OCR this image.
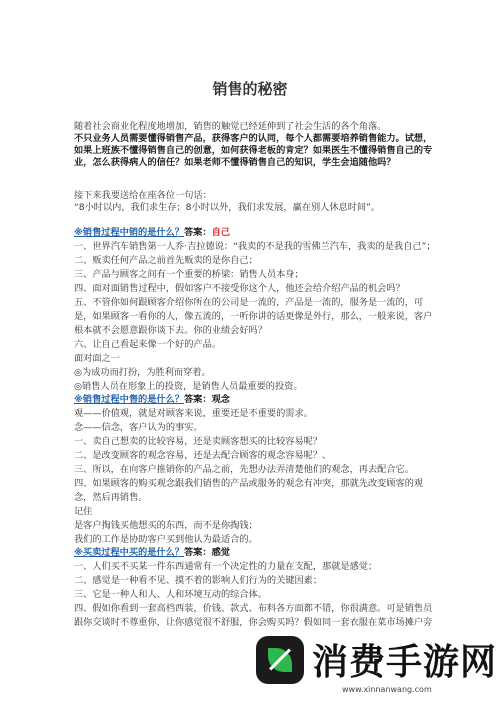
销售的秘密
随着社会商业化程度地增加，销售的触觉已经延伸到了社会生活的各个角落。
不只业务人员需要懂得销售产品，获得客户的认同，每个人都需要培养销售能力。试想，
如果上班族不懂得销售自己的创意，如何获得老板的肯定？如果医生不懂得销售自己的专
业，怎么获得病人的信任？如果老师不懂得销售自己的知识，学生会追随他吗？
接下来我要送给在座各位一句话：
“8小时以内，我们求生存；8小时以外，我们求发展，赢在别人休息时间”。
※销售过程中销的是什么？答案：自己
一、世界汽车销售第一人乔·吉拉德说：“我卖的不是我的雪佛兰汽车，我卖的是我自己”；
二、贩卖任何产品之前首先贩卖的是你自己；
三、产品与顾客之间有一个重要的桥梁：销售人员本身；
四、面对面销售过程中，假如客户不接受你这个人，他还会给介绍产品的机会吗？
五、不管你如何跟顾客介绍你所在的公司是一流的，产品是一流的，服务是一流的，可
是，如果顾客一看你的人，像五流的，一听你讲的话更像是外行，那么，一般来说，客户
根本就不会愿意跟你谈下去。你的业绩会好吗？
六、让自己看起来像一个好的产品。
面对面之一
◎为成功而打扮，为胜利而穿着。
◎销售人员在形象上的投资，是销售人员最重要的投资。
※销售过程中售的是什么？答案：观念
观——价值观，就是对顾客来说，重要还是不重要的需求。
念——信念，客户认为的事实。
一、卖自己想卖的比较容易，还是卖顾客想买的比较容易呢？
二、是改变顾客的观念容易，还是去配合顾客的观念容易呢？、
三、所以，在向客户推销你的产品之前，先想办法弄清楚他们的观念，再去配合它。
四、如果顾客的购买观念跟我们销售的产品或服务的观念有冲突，那就先改变顾客的观
念，然后再销售。
记住
是客户掏钱买他想买的东西，而不是你掏钱；
我们的工作是协助客户买到他认为最适合的。
※买卖过程中买的是什么？答案：感觉
一、人们买不买某一件东西通常有一个决定性的力量在支配，那就是感觉；
二、感觉是一种看不见、摸不着的影响人们行为的关键因素；
三、它是一种人和人、人和环境互动的综合体。
四、假如你看到一套高档西装，价钱、款式、布料各方面都不错，你很满意。可是销售员
跟你交谈时不尊重你，让你感觉很不舒服，你会购买吗？假如同一套衣服在菜市场摊户旁
消费手游网
www.xinnanwang.com
